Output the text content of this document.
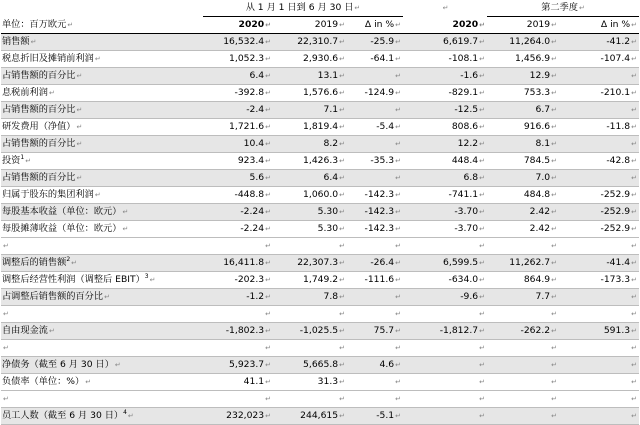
	从 1 月 1 日到 6 月 30 日↵			↵	第二季度↵	
单位：百万欧元↵	2020↵	2019↵	Δ in %↵	2020↵	2019↵	Δ in %↵
销售额↵	16,532.4↵	22,310.7↵	-25.9↵	6,619.7↵	11,264.0↵	-41.2↵
税息折旧及摊销前利润↵	1,052.3↵	2,930.6↵	-64.1↵	-108.1↵	1,456.9↵	-107.4↵
占销售额的百分比↵	6.4↵	13.1↵	↵	-1.6↵	12.9↵	↵
息税前利润↵	-392.8↵	1,576.6↵	-124.9↵	-829.1↵	753.3↵	-210.1↵
占销售额的百分比↵	-2.4↵	7.1↵	↵	-12.5↵	6.7↵	↵
研发费用（净值）↵	1,721.6↵	1,819.4↵	-5.4↵	808.6↵	916.6↵	-11.8↵
占销售额的百分比↵	10.4↵	8.2↵	↵	12.2↵	8.1↵	↵
投资$^1$↵	923.4↵	1,426.3↵	-35.3↵	448.4↵	784.5↵	-42.8↵
占销售额的百分比↵	5.6↵	6.4↵	↵	6.8↵	7.0↵	↵
归属于股东的集团利润↵	-448.8↵	1,060.0↵	-142.3↵	-741.1↵	484.8↵	-252.9↵
每股基本收益（单位：欧元）↵	-2.24↵	5.30↵	-142.3↵	-3.70↵	2.42↵	-252.9↵
每股摊薄收益（单位：欧元）↵	-2.24↵	5.30↵	-142.3↵	-3.70↵	2.42↵	-252.9↵
↵	↵	↵	↵	↵	↵	↵
调整后的销售额$^2$↵	16,411.8↵	22,307.3↵	-26.4↵	6,599.5↵	11,262.7↵	-41.4↵
调整后经营性利润（调整后 EBIT）$^3$↵	-202.3↵	1,749.2↵	-111.6↵	-634.0↵	864.9↵	-173.3↵
占调整后销售额的百分比↵	-1.2↵	7.8↵	↵	-9.6↵	7.7↵	↵
↵	↵	↵	↵	↵	↵	↵
自由现金流↵	-1,802.3↵	-1,025.5↵	75.7↵	-1,812.7↵	-262.2↵	591.3↵
↵	↵	↵	↵	↵	↵	↵
净债务（截至 6 月 30 日）↵	5,923.7↵	5,665.8↵	4.6↵	↵	↵	↵
负债率（单位：%）↵	41.1↵	31.3↵	↵	↵	↵	↵
↵	↵	↵	↵	↵	↵	↵
员工人数（截至 6 月 30 日）$^4$↵	232,023↵	244,615↵	-5.1↵	↵	↵	↵
